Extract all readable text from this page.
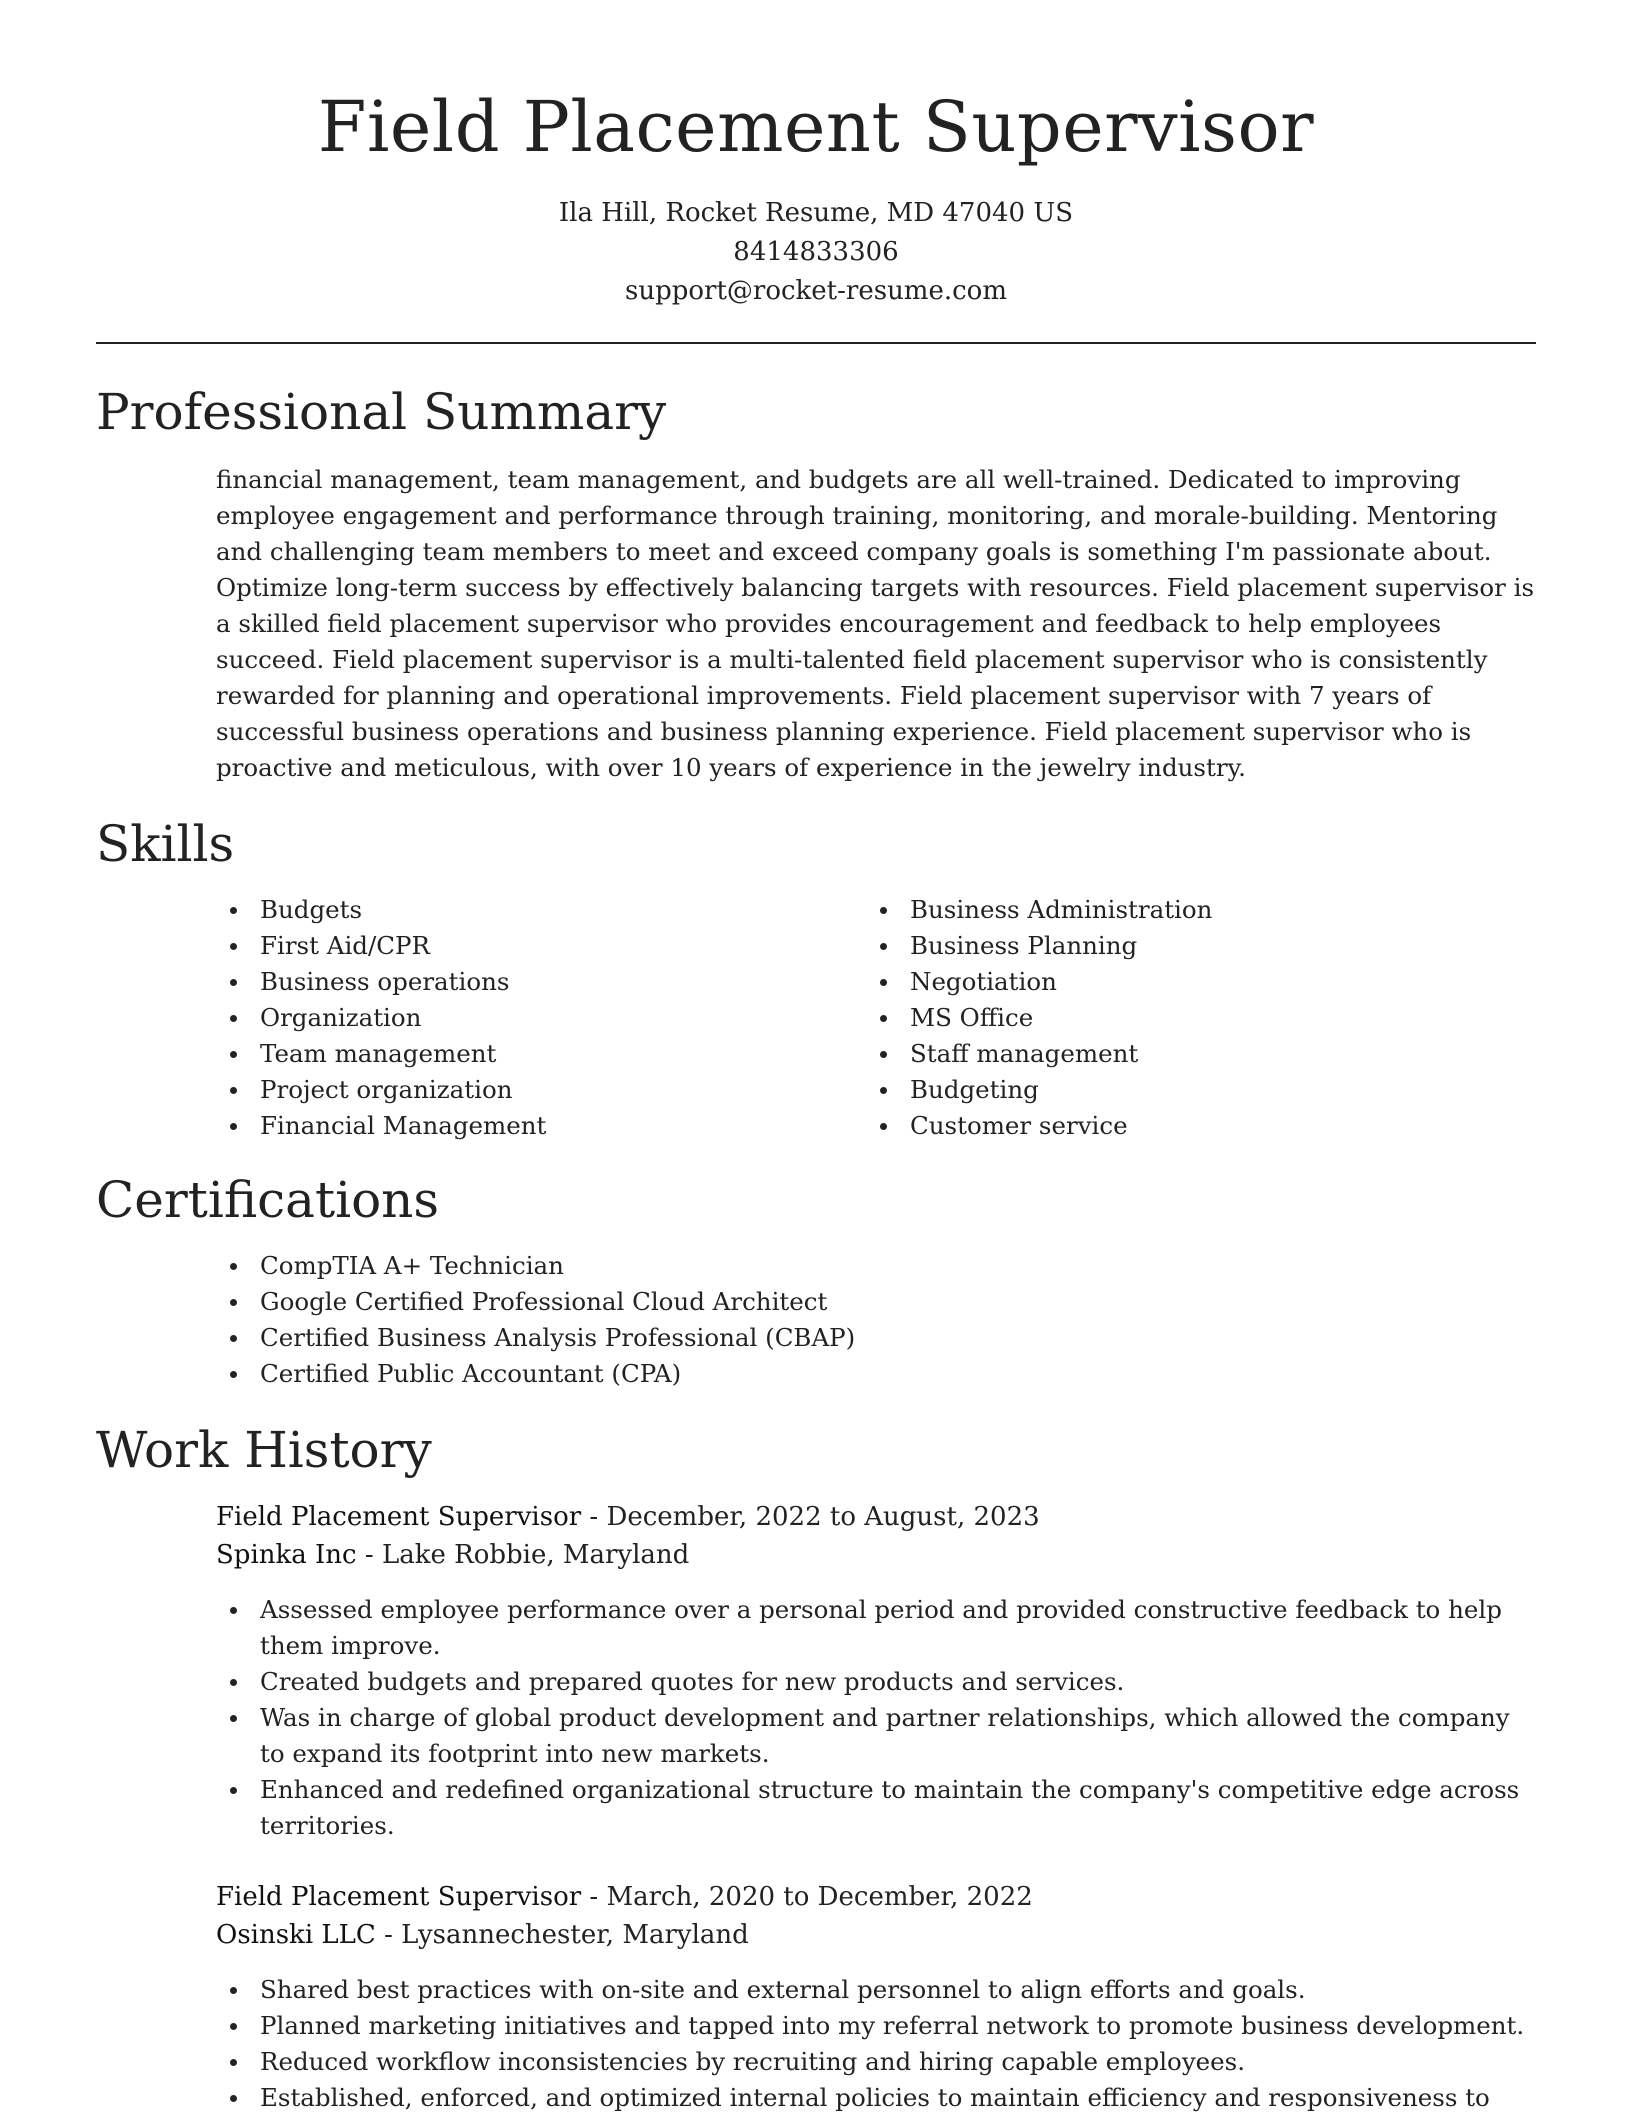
Field Placement Supervisor
Ila Hill, Rocket Resume, MD 47040 US
8414833306
support@rocket-resume.com
Professional Summary

financial management, team management, and budgets are all well-trained. Dedicated to improving employee engagement and performance through training, monitoring, and morale-building. Mentoring and challenging team members to meet and exceed company goals is something I'm passionate about. Optimize long-term success by effectively balancing targets with resources. Field placement supervisor is a skilled field placement supervisor who provides encouragement and feedback to help employees succeed. Field placement supervisor is a multi-talented field placement supervisor who is consistently rewarded for planning and operational improvements. Field placement supervisor with 7 years of successful business operations and business planning experience. Field placement supervisor who is proactive and meticulous, with over 10 years of experience in the jewelry industry.

Skills
Budgets
First Aid/CPR
Business operations
Organization
Team management
Project organization
Financial Management
Business Administration
Business Planning
Negotiation
MS Office
Staff management
Budgeting
Customer service
Certifications
CompTIA A+ Technician
Google Certified Professional Cloud Architect
Certified Business Analysis Professional (CBAP)
Certified Public Accountant (CPA)
Work History
Field Placement Supervisor - December, 2022 to August, 2023
Spinka Inc - Lake Robbie, Maryland
Assessed employee performance over a personal period and provided constructive feedback to help them improve.
Created budgets and prepared quotes for new products and services.
Was in charge of global product development and partner relationships, which allowed the company to expand its footprint into new markets.
Enhanced and redefined organizational structure to maintain the company's competitive edge across territories.
Field Placement Supervisor - March, 2020 to December, 2022
Osinski LLC - Lysannechester, Maryland
Shared best practices with on-site and external personnel to align efforts and goals.
Planned marketing initiatives and tapped into my referral network to promote business development.
Reduced workflow inconsistencies by recruiting and hiring capable employees.
Established, enforced, and optimized internal policies to maintain efficiency and responsiveness to
